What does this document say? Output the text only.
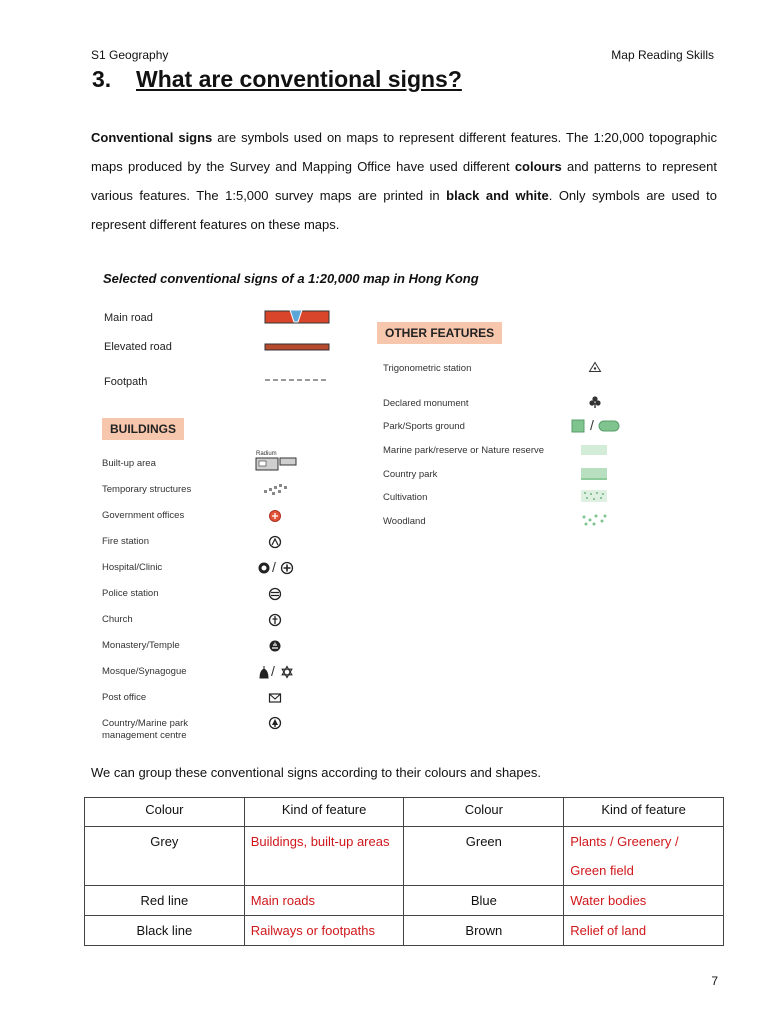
S1 Geography	Map Reading Skills
3. What are conventional signs?
Conventional signs are symbols used on maps to represent different features. The 1:20,000 topographic maps produced by the Survey and Mapping Office have used different colours and patterns to represent various features. The 1:5,000 survey maps are printed in black and white. Only symbols are used to represent different features on these maps.
Selected conventional signs of a 1:20,000 map in Hong Kong
Main road
Elevated road
Footpath
BUILDINGS
Built-up area
Temporary structures
Government offices
Fire station
Hospital/Clinic
Police station
Church
Monastery/Temple
Mosque/Synagogue
Post office
Country/Marine park
management centre
Radium
/
/
OTHER FEATURES
Trigonometric station
Declared monument
Park/Sports ground
Marine park/reserve or Nature reserve
Country park
Cultivation
Woodland
/
We can group these conventional signs according to their colours and shapes.
Colour	Kind of feature	Colour	Kind of feature
Grey	Buildings, built-up areas	Green	Plants / Greenery / Green field
Red line	Main roads	Blue	Water bodies
Black line	Railways or footpaths	Brown	Relief of land
7
